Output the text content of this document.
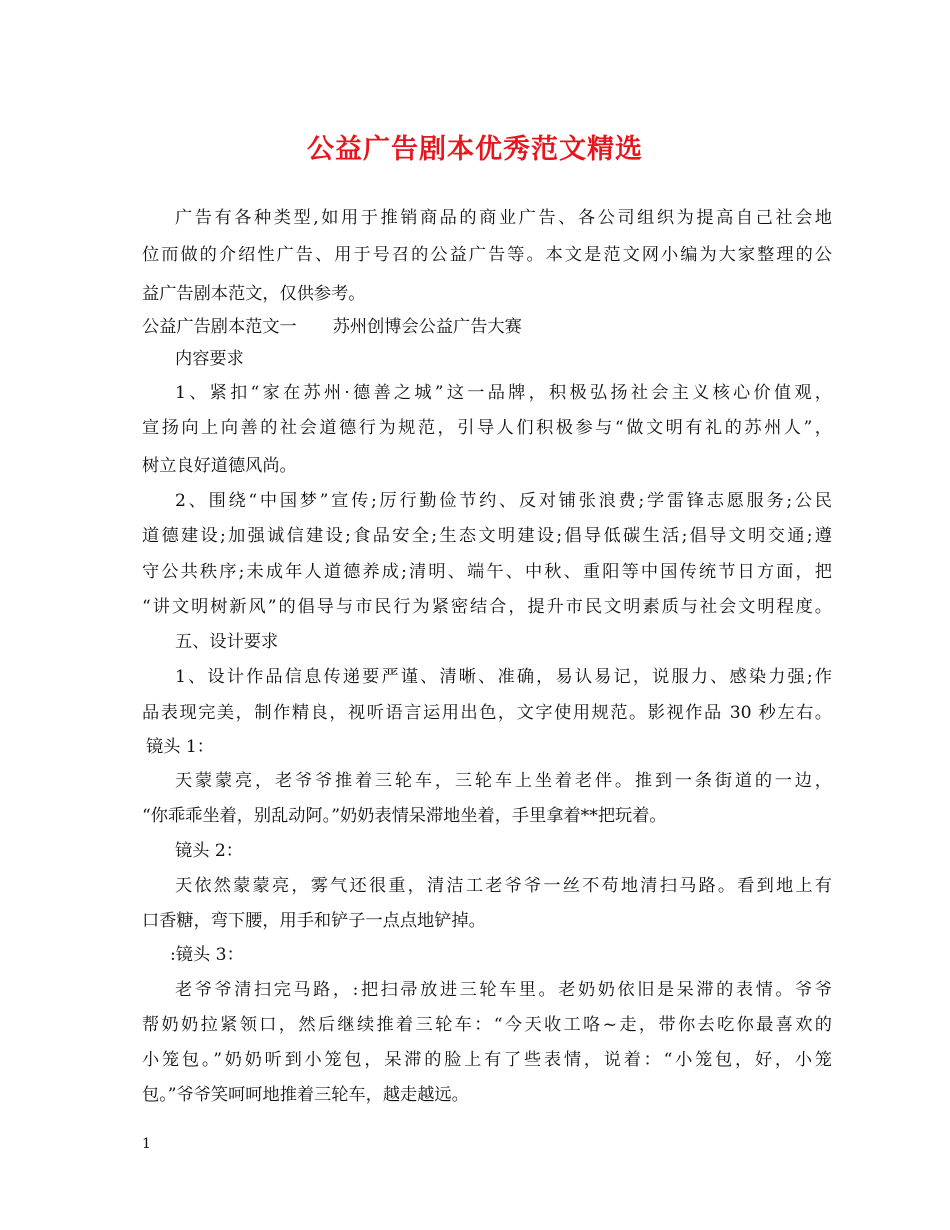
公益广告剧本优秀范文精选
广告有各种类型,如用于推销商品的商业广告、各公司组织为提高自己社会地
位而做的介绍性广告、用于号召的公益广告等。本文是范文网小编为大家整理的公
益广告剧本范文，仅供参考。
公益广告剧本范文一 苏州创博会公益广告大赛
内容要求
1、紧扣“家在苏州·德善之城”这一品牌，积极弘扬社会主义核心价值观，
宣扬向上向善的社会道德行为规范，引导人们积极参与“做文明有礼的苏州人”，
树立良好道德风尚。
2、围绕“中国梦”宣传;厉行勤俭节约、反对铺张浪费;学雷锋志愿服务;公民
道德建设;加强诚信建设;食品安全;生态文明建设;倡导低碳生活;倡导文明交通;遵
守公共秩序;未成年人道德养成;清明、端午、中秋、重阳等中国传统节日方面，把
“讲文明树新风”的倡导与市民行为紧密结合，提升市民文明素质与社会文明程度。
五、设计要求
1、设计作品信息传递要严谨、清晰、准确，易认易记，说服力、感染力强;作
品表现完美，制作精良，视听语言运用出色，文字使用规范。影视作品 30 秒左右。
镜头 1：
天蒙蒙亮，老爷爷推着三轮车，三轮车上坐着老伴。推到一条街道的一边，
“你乖乖坐着，别乱动阿。”奶奶表情呆滞地坐着，手里拿着**把玩着。
镜头 2：
天依然蒙蒙亮，雾气还很重，清洁工老爷爷一丝不苟地清扫马路。看到地上有
口香糖，弯下腰，用手和铲子一点点地铲掉。
:镜头 3：
老爷爷清扫完马路，:把扫帚放进三轮车里。老奶奶依旧是呆滞的表情。爷爷
帮奶奶拉紧领口，然后继续推着三轮车：“今天收工咯~走，带你去吃你最喜欢的
小笼包。”奶奶听到小笼包，呆滞的脸上有了些表情，说着：“小笼包，好，小笼
包。”爷爷笑呵呵地推着三轮车，越走越远。
1
